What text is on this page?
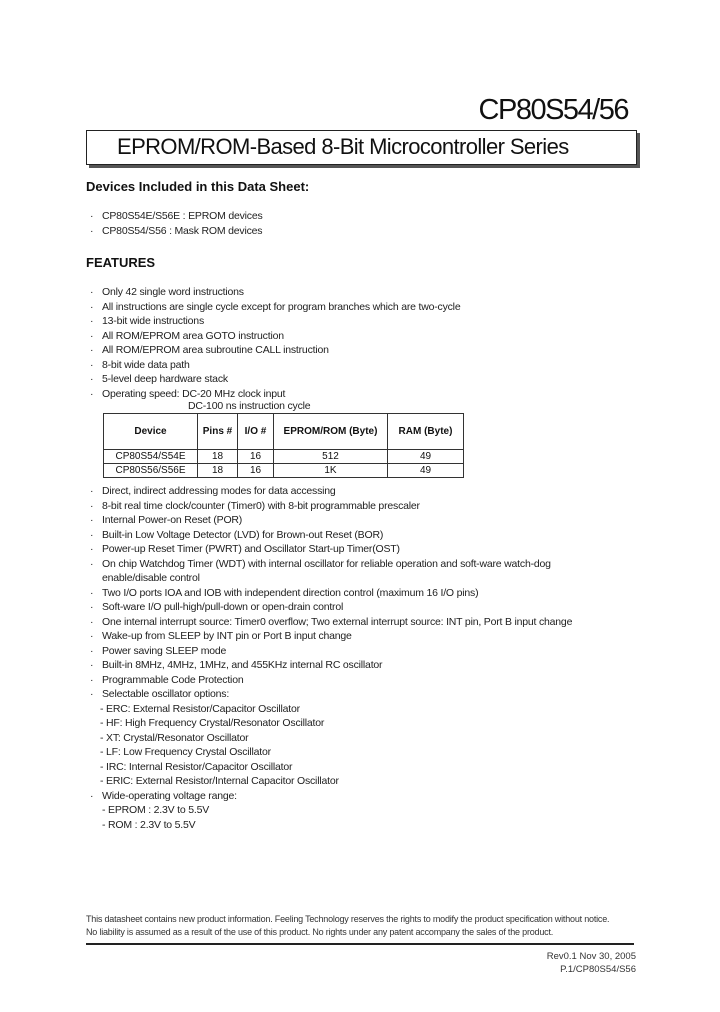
CP80S54/56
EPROM/ROM-Based 8-Bit Microcontroller Series
Devices Included in this Data Sheet:
· CP80S54E/S56E : EPROM devices
· CP80S54/S56 : Mask ROM devices
FEATURES
· Only 42 single word instructions
· All instructions are single cycle except for program branches which are two-cycle
· 13-bit wide instructions
· All ROM/EPROM area GOTO instruction
· All ROM/EPROM area subroutine CALL instruction
· 8-bit wide data path
· 5-level deep hardware stack
· Operating speed: DC-20 MHz clock input
DC-100 ns instruction cycle
Device	Pins #	I/O #	EPROM/ROM (Byte)	RAM (Byte)
CP80S54/S54E	18	16	512	49
CP80S56/S56E	18	16	1K	49
· Direct, indirect addressing modes for data accessing
· 8-bit real time clock/counter (Timer0) with 8-bit programmable prescaler
· Internal Power-on Reset (POR)
· Built-in Low Voltage Detector (LVD) for Brown-out Reset (BOR)
· Power-up Reset Timer (PWRT) and Oscillator Start-up Timer(OST)
· On chip Watchdog Timer (WDT) with internal oscillator for reliable operation and soft-ware watch-dog
enable/disable control
· Two I/O ports IOA and IOB with independent direction control (maximum 16 I/O pins)
· Soft-ware I/O pull-high/pull-down or open-drain control
· One internal interrupt source: Timer0 overflow; Two external interrupt source: INT pin, Port B input change
· Wake-up from SLEEP by INT pin or Port B input change
· Power saving SLEEP mode
· Built-in 8MHz, 4MHz, 1MHz, and 455KHz internal RC oscillator
· Programmable Code Protection
· Selectable oscillator options:
- ERC: External Resistor/Capacitor Oscillator
- HF: High Frequency Crystal/Resonator Oscillator
- XT: Crystal/Resonator Oscillator
- LF: Low Frequency Crystal Oscillator
- IRC: Internal Resistor/Capacitor Oscillator
- ERIC: External Resistor/Internal Capacitor Oscillator
· Wide-operating voltage range:
- EPROM : 2.3V to 5.5V
- ROM : 2.3V to 5.5V
This datasheet contains new product information. Feeling Technology reserves the rights to modify the product specification without notice.
No liability is assumed as a result of the use of this product. No rights under any patent accompany the sales of the product.
Rev0.1 Nov 30, 2005
P.1/CP80S54/S56
